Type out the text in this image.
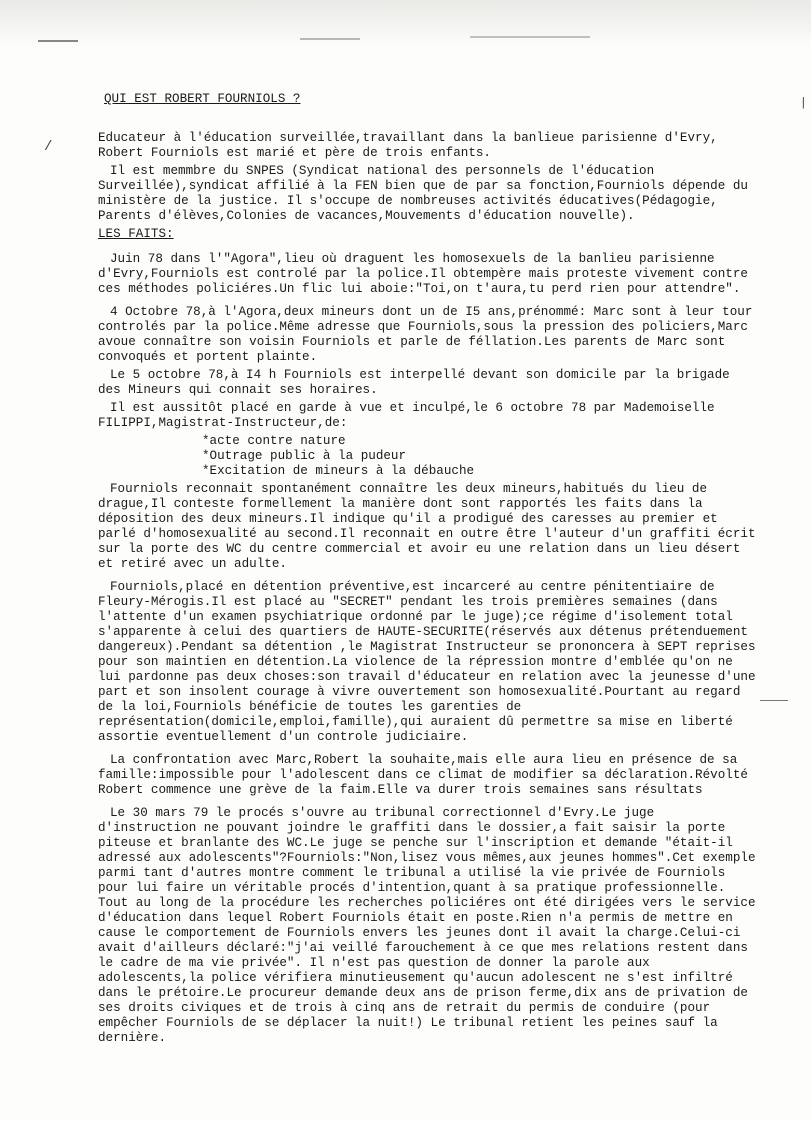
/
|
QUI EST ROBERT FOURNIOLS ?
Educateur à l'éducation surveillée,travaillant dans la banlieue parisienne d'Evry, Robert Fourniols est marié et père de trois enfants.
Il est memmbre du SNPES (Syndicat national des personnels de l'éducation Surveillée),syndicat affilié à la FEN bien que de par sa fonction,Fourniols dépende du ministère de la justice. Il s'occupe de nombreuses activités éducatives(Pédagogie, Parents d'élèves,Colonies de vacances,Mouvements d'éducation nouvelle).
LES FAITS:
Juin 78 dans l'"Agora",lieu où draguent les homosexuels de la banlieu parisienne d'Evry,Fourniols est controlé par la police.Il obtempère mais proteste vivement contre ces méthodes policiéres.Un flic lui aboie:"Toi,on t'aura,tu perd rien pour attendre".
4 Octobre 78,à l'Agora,deux mineurs dont un de I5 ans,prénommé: Marc sont à leur tour controlés par la police.Même adresse que Fourniols,sous la pression des policiers,Marc avoue connaître son voisin Fourniols et parle de féllation.Les parents de Marc sont convoqués et portent plainte.
Le 5 octobre 78,à I4 h Fourniols est interpellé devant son domicile par la brigade des Mineurs qui connait ses horaires.
Il est aussitôt placé en garde à vue et inculpé,le 6 octobre 78 par Mademoiselle FILIPPI,Magistrat-Instructeur,de:
*acte contre nature
*Outrage public à la pudeur
*Excitation de mineurs à la débauche
Fourniols reconnait spontanément connaître les deux mineurs,habitués du lieu de drague,Il conteste formellement la manière dont sont rapportés les faits dans la déposition des deux mineurs.Il indique qu'il a prodigué des caresses au premier et parlé d'homosexualité au second.Il reconnait en outre être l'auteur d'un graffiti écrit sur la porte des WC du centre commercial et avoir eu une relation dans un lieu désert et retiré avec un adulte.
Fourniols,placé en détention préventive,est incarceré au centre pénitentiaire de Fleury-Mérogis.Il est placé au "SECRET" pendant les trois premières semaines (dans l'attente d'un examen psychiatrique ordonné par le juge);ce régime d'isolement total s'apparente à celui des quartiers de HAUTE-SECURITE(réservés aux détenus prétenduement dangereux).Pendant sa détention ,le Magistrat Instructeur se prononcera à SEPT reprises pour son maintien en détention.La violence de la répression montre d'emblée qu'on ne lui pardonne pas deux choses:son travail d'éducateur en relation avec la jeunesse d'une part et son insolent courage à vivre ouvertement son homosexualité.Pourtant au regard de la loi,Fourniols bénéficie de toutes les garenties de représentation(domicile,emploi,famille),qui auraient dû permettre sa mise en liberté assortie eventuellement d'un controle judiciaire.
La confrontation avec Marc,Robert la souhaite,mais elle aura lieu en présence de sa famille:impossible pour l'adolescent dans ce climat de modifier sa déclaration.Révolté Robert commence une grève de la faim.Elle va durer trois semaines sans résultats
Le 30 mars 79 le procés s'ouvre au tribunal correctionnel d'Evry.Le juge d'instruction ne pouvant joindre le graffiti dans le dossier,a fait saisir la porte piteuse et branlante des WC.Le juge se penche sur l'inscription et demande "était-il adressé aux adolescents"?Fourniols:"Non,lisez vous mêmes,aux jeunes hommes".Cet exemple parmi tant d'autres montre comment le tribunal a utilisé la vie privée de Fourniols pour lui faire un véritable procés d'intention,quant à sa pratique professionnelle. Tout au long de la procédure les recherches policiéres ont été dirigées vers le service d'éducation dans lequel Robert Fourniols était en poste.Rien n'a permis de mettre en cause le comportement de Fourniols envers les jeunes dont il avait la charge.Celui-ci avait d'ailleurs déclaré:"j'ai veillé farouchement à ce que mes relations restent dans le cadre de ma vie privée". Il n'est pas question de donner la parole aux adolescents,la police vérifiera minutieusement qu'aucun adolescent ne s'est infiltré dans le prétoire.Le procureur demande deux ans de prison ferme,dix ans de privation de ses droits civiques et de trois à cinq ans de retrait du permis de conduire (pour empêcher Fourniols de se déplacer la nuit!) Le tribunal retient les peines sauf la dernière.
